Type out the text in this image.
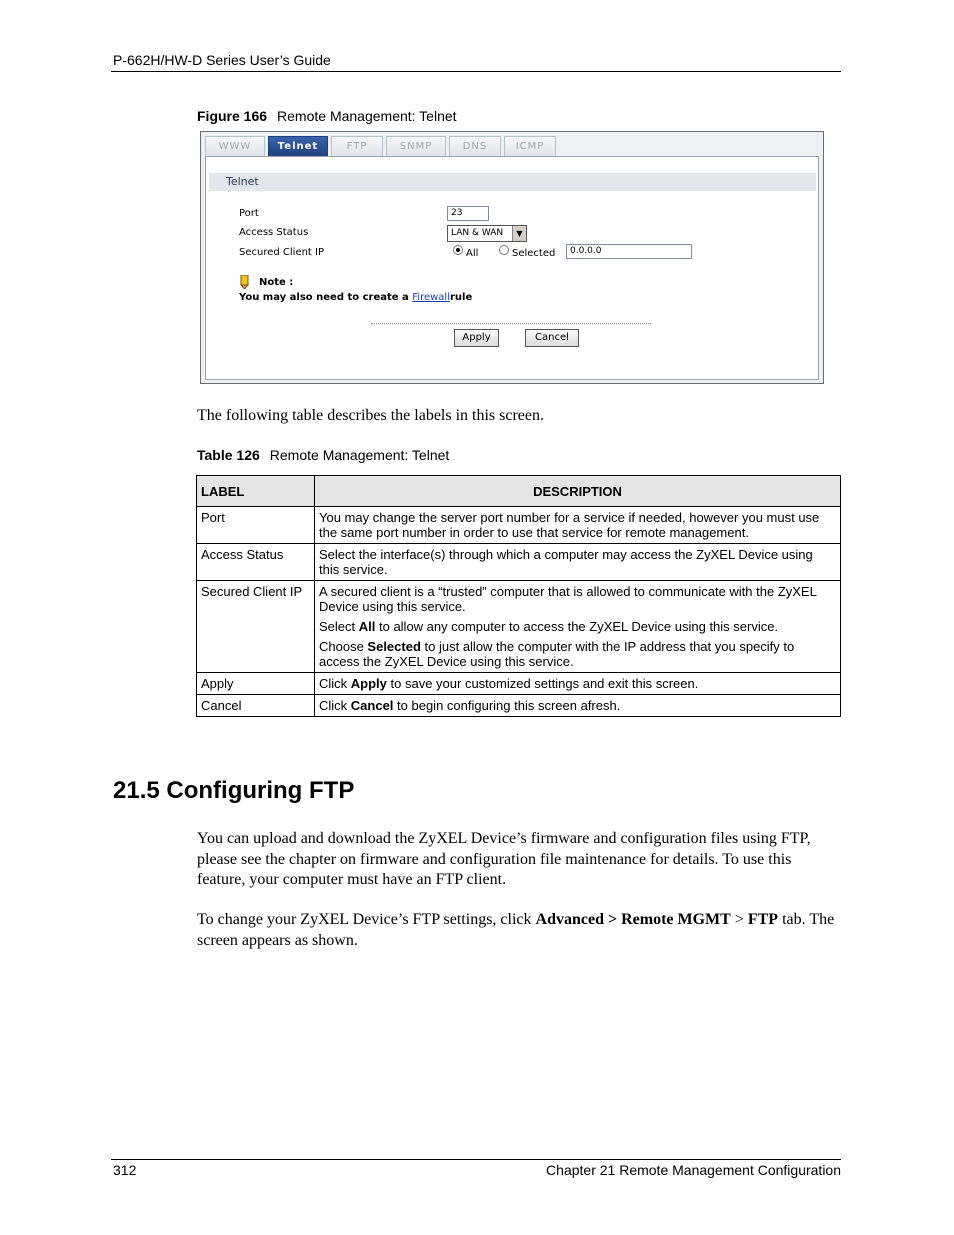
P-662H/HW-D Series User’s Guide
Figure 166 Remote Management: Telnet
WWW	Telnet	FTP	SNMP	DNS	ICMP
Telnet
Port	23
Access Status	LAN & WAN	▼
Secured Client IP	All	Selected	0.0.0.0
Note :
You may also need to create a Firewallrule
Apply	Cancel
The following table describes the labels in this screen.
Table 126 Remote Management: Telnet
LABEL	DESCRIPTION
Port	You may change the server port number for a service if needed, however you must use the same port number in order to use that service for remote management.

Access Status	Select the interface(s) through which a computer may access the ZyXEL Device using this service.

Secured Client IP	A secured client is a “trusted” computer that is allowed to communicate with the ZyXEL Device using this service.

Select All to allow any computer to access the ZyXEL Device using this service.

Choose Selected to just allow the computer with the IP address that you specify to access the ZyXEL Device using this service.

Apply	Click Apply to save your customized settings and exit this screen.

Cancel	Click Cancel to begin configuring this screen afresh.

21.5 Configuring FTP
You can upload and download the ZyXEL Device’s firmware and configuration files using FTP, please see the chapter on firmware and configuration file maintenance for details. To use this feature, your computer must have an FTP client.
To change your ZyXEL Device’s FTP settings, click Advanced > Remote MGMT > FTP tab. The screen appears as shown.
312	Chapter 21 Remote Management Configuration
